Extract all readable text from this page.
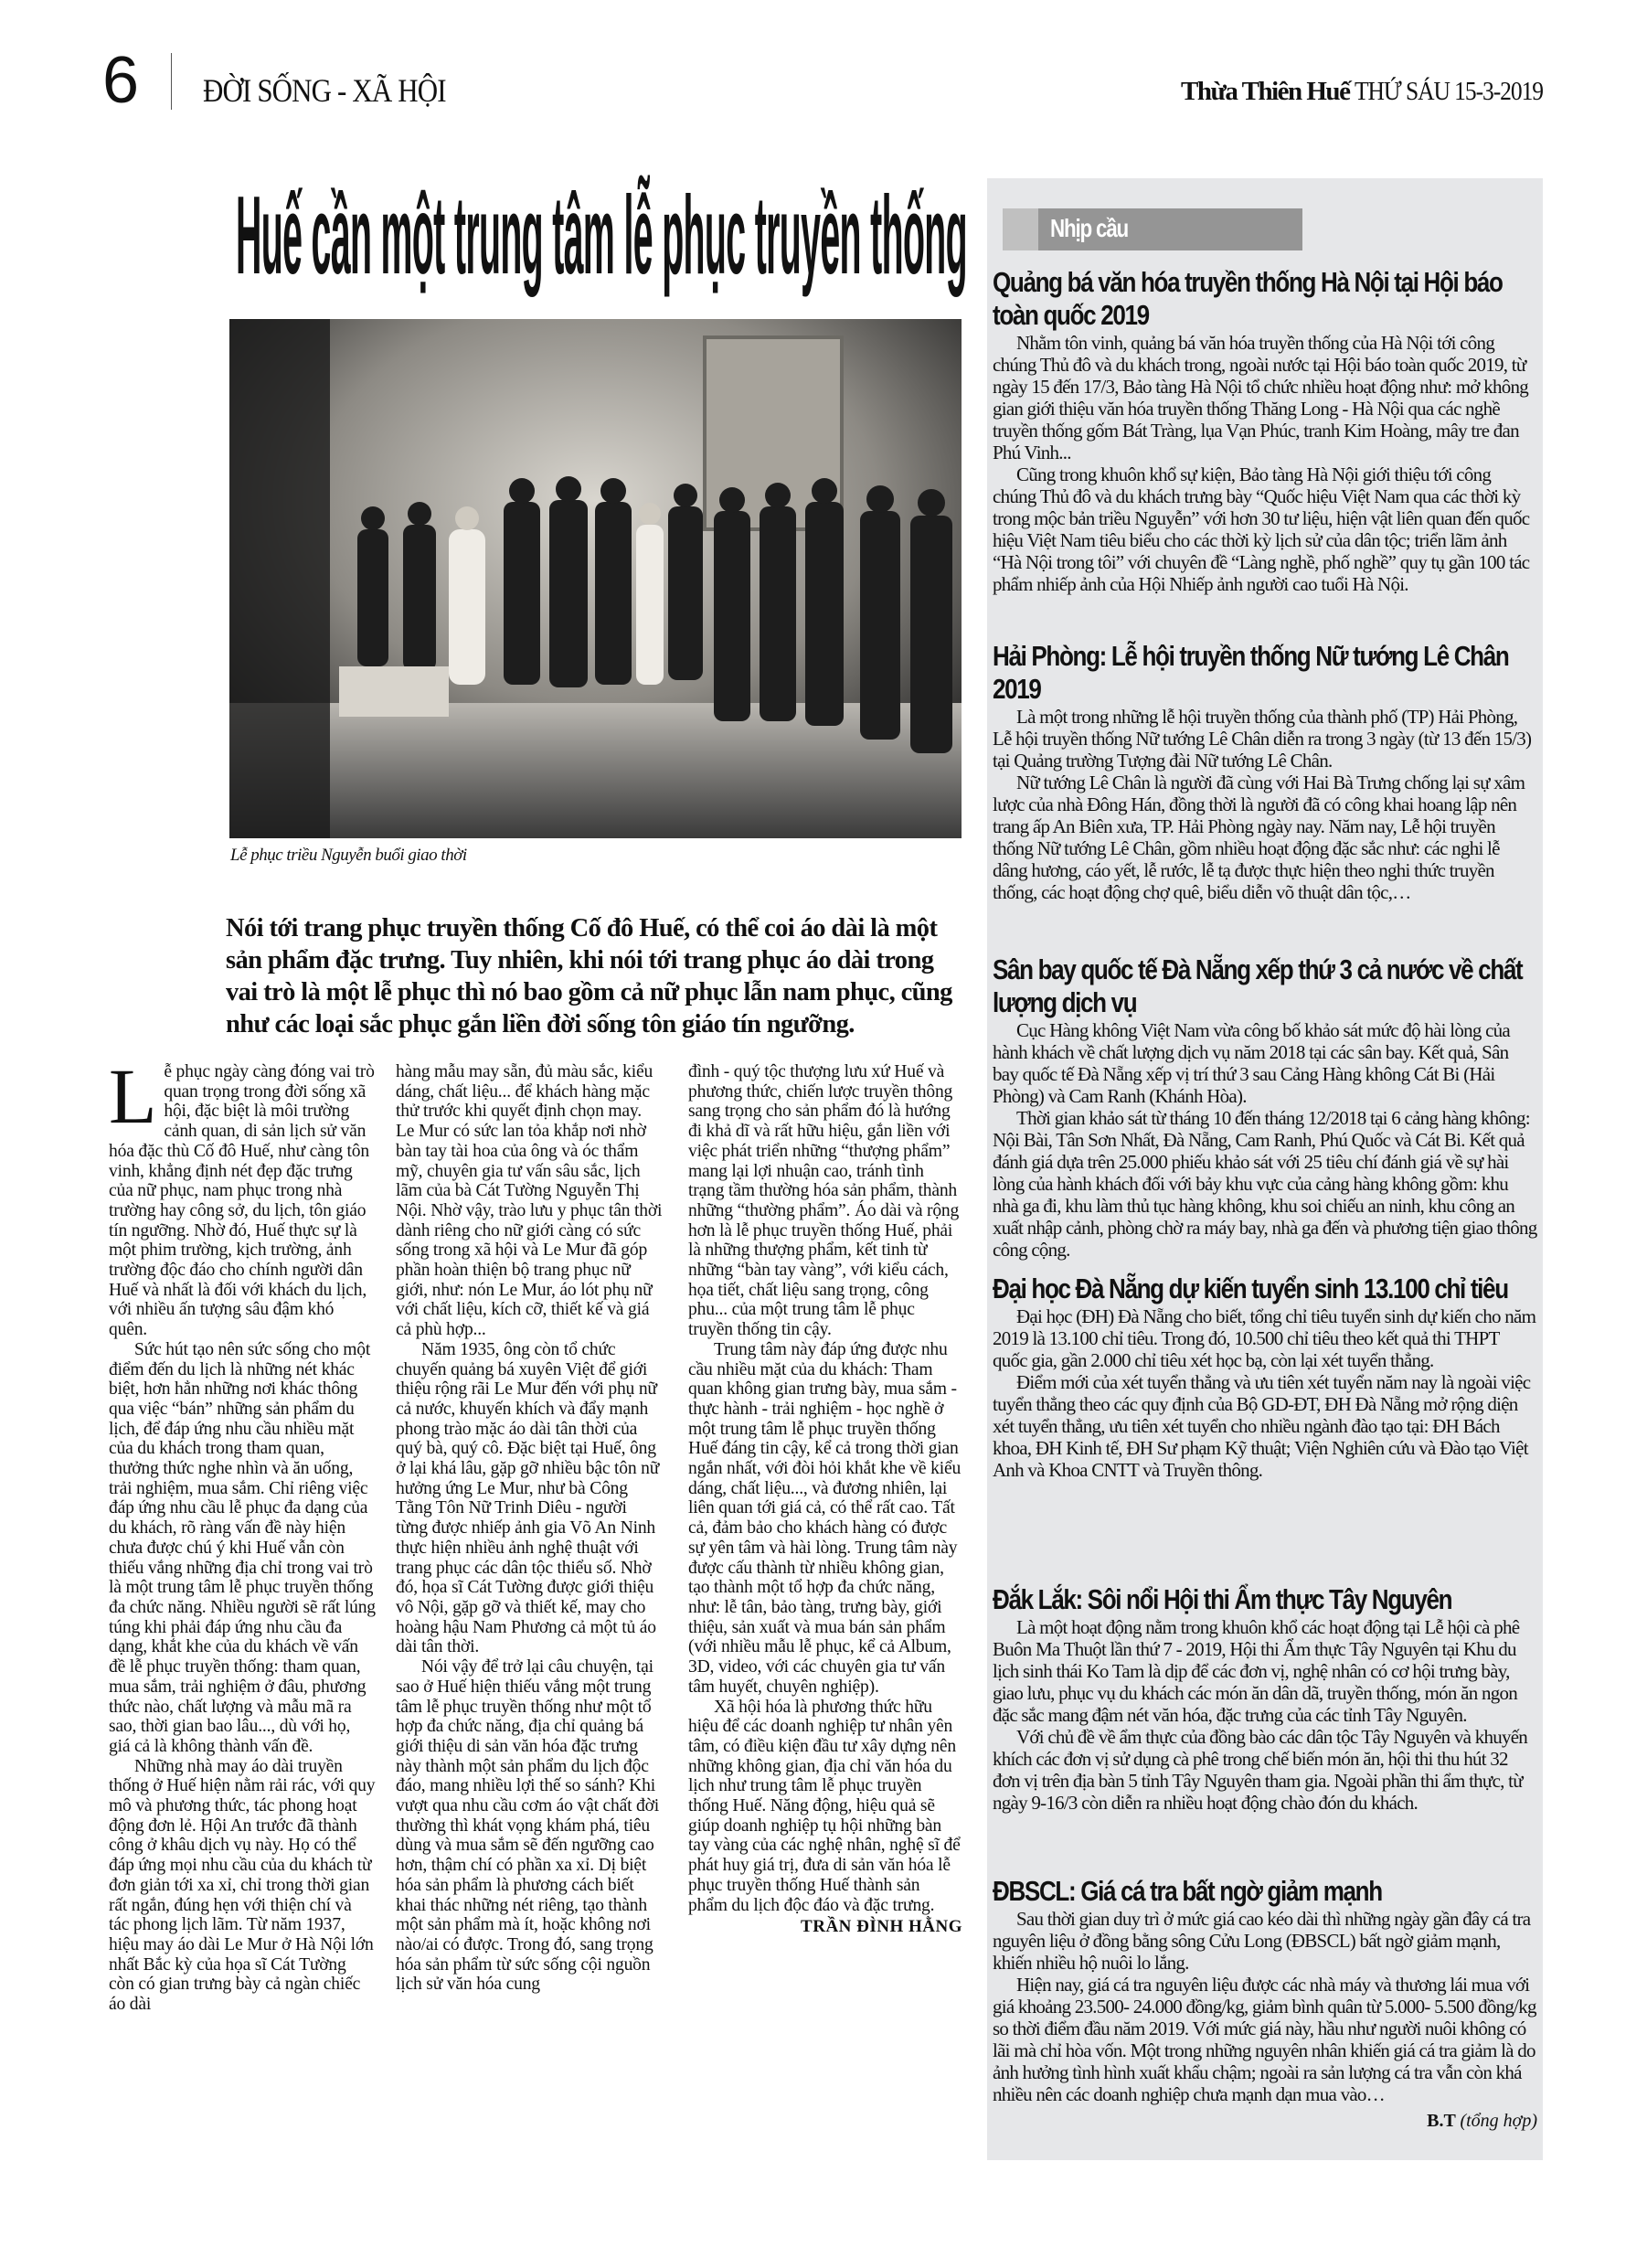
6 ĐỜI SỐNG - XÃ HỘI	Thừa Thiên Huế THỨ SÁU 15-3-2019
Huế cần một trung tâm lễ phục truyền thống
Lễ phục triều Nguyễn buổi giao thời
Nói tới trang phục truyền thống Cố đô Huế, có thể coi áo dài là một sản phẩm đặc trưng. Tuy nhiên, khi nói tới trang phục áo dài trong vai trò là một lễ phục thì nó bao gồm cả nữ phục lẫn nam phục, cũng như các loại sắc phục gắn liền đời sống tôn giáo tín ngưỡng.

Lễ phục ngày càng đóng vai trò quan trọng trong đời sống xã hội, đặc biệt là môi trường cảnh quan, di sản lịch sử văn hóa đặc thù Cố đô Huế, như càng tôn vinh, khẳng định nét đẹp đặc trưng của nữ phục, nam phục trong nhà trường hay công sở, du lịch, tôn giáo tín ngưỡng. Nhờ đó, Huế thực sự là một phim trường, kịch trường, ảnh trường độc đáo cho chính người dân Huế và nhất là đối với khách du lịch, với nhiều ấn tượng sâu đậm khó quên.

Sức hút tạo nên sức sống cho một điểm đến du lịch là những nét khác biệt, hơn hẳn những nơi khác thông qua việc “bán” những sản phẩm du lịch, để đáp ứng nhu cầu nhiều mặt của du khách trong tham quan, thưởng thức nghe nhìn và ăn uống, trải nghiệm, mua sắm. Chỉ riêng việc đáp ứng nhu cầu lễ phục đa dạng của du khách, rõ ràng vấn đề này hiện chưa được chú ý khi Huế vẫn còn thiếu vắng những địa chỉ trong vai trò là một trung tâm lễ phục truyền thống đa chức năng. Nhiều người sẽ rất lúng túng khi phải đáp ứng nhu cầu đa dạng, khắt khe của du khách về vấn đề lễ phục truyền thống: tham quan, mua sắm, trải nghiệm ở đâu, phương thức nào, chất lượng và mẫu mã ra sao, thời gian bao lâu..., dù với họ, giá cả là không thành vấn đề.

Những nhà may áo dài truyền thống ở Huế hiện nằm rải rác, với quy mô và phương thức, tác phong hoạt động đơn lẻ. Hội An trước đã thành công ở khâu dịch vụ này. Họ có thể đáp ứng mọi nhu cầu của du khách từ đơn giản tới xa xỉ, chỉ trong thời gian rất ngắn, đúng hẹn với thiện chí và tác phong lịch lãm. Từ năm 1937, hiệu may áo dài Le Mur ở Hà Nội lớn nhất Bắc kỳ của họa sĩ Cát Tường còn có gian trưng bày cả ngàn chiếc áo dài

hàng mẫu may sẵn, đủ màu sắc, kiểu dáng, chất liệu... để khách hàng mặc thử trước khi quyết định chọn may. Le Mur có sức lan tỏa khắp nơi nhờ bàn tay tài hoa của ông và óc thẩm mỹ, chuyên gia tư vấn sâu sắc, lịch lãm của bà Cát Tường Nguyễn Thị Nội. Nhờ vậy, trào lưu y phục tân thời dành riêng cho nữ giới càng có sức sống trong xã hội và Le Mur đã góp phần hoàn thiện bộ trang phục nữ giới, như: nón Le Mur, áo lót phụ nữ với chất liệu, kích cỡ, thiết kế và giá cả phù hợp...

Năm 1935, ông còn tổ chức chuyến quảng bá xuyên Việt để giới thiệu rộng rãi Le Mur đến với phụ nữ cả nước, khuyến khích và đẩy mạnh phong trào mặc áo dài tân thời của quý bà, quý cô. Đặc biệt tại Huế, ông ở lại khá lâu, gặp gỡ nhiều bậc tôn nữ hưởng ứng Le Mur, như bà Công Tằng Tôn Nữ Trinh Diêu - người từng được nhiếp ảnh gia Võ An Ninh thực hiện nhiều ảnh nghệ thuật với trang phục các dân tộc thiểu số. Nhờ đó, họa sĩ Cát Tường được giới thiệu vô Nội, gặp gỡ và thiết kế, may cho hoàng hậu Nam Phương cả một tủ áo dài tân thời.

Nói vậy để trở lại câu chuyện, tại sao ở Huế hiện thiếu vắng một trung tâm lễ phục truyền thống như một tổ hợp đa chức năng, địa chỉ quảng bá giới thiệu di sản văn hóa đặc trưng này thành một sản phẩm du lịch độc đáo, mang nhiều lợi thế so sánh? Khi vượt qua nhu cầu cơm áo vật chất đời thường thì khát vọng khám phá, tiêu dùng và mua sắm sẽ đến ngưỡng cao hơn, thậm chí có phần xa xỉ. Dị biệt hóa sản phẩm là phương cách biết khai thác những nét riêng, tạo thành một sản phẩm mà ít, hoặc không nơi nào/ai có được. Trong đó, sang trọng hóa sản phẩm từ sức sống cội nguồn lịch sử văn hóa cung

đình - quý tộc thượng lưu xứ Huế và phương thức, chiến lược truyền thông sang trọng cho sản phẩm đó là hướng đi khả dĩ và rất hữu hiệu, gắn liền với việc phát triển những “thượng phẩm” mang lại lợi nhuận cao, tránh tình trạng tầm thường hóa sản phẩm, thành những “thường phẩm”. Áo dài và rộng hơn là lễ phục truyền thống Huế, phải là những thượng phẩm, kết tinh từ những “bàn tay vàng”, với kiểu cách, họa tiết, chất liệu sang trọng, công phu... của một trung tâm lễ phục truyền thống tin cậy.

Trung tâm này đáp ứng được nhu cầu nhiều mặt của du khách: Tham quan không gian trưng bày, mua sắm - thực hành - trải nghiệm - học nghề ở một trung tâm lễ phục truyền thống Huế đáng tin cậy, kể cả trong thời gian ngắn nhất, với đòi hỏi khắt khe về kiểu dáng, chất liệu..., và đương nhiên, lại liên quan tới giá cả, có thể rất cao. Tất cả, đảm bảo cho khách hàng có được sự yên tâm và hài lòng. Trung tâm này được cấu thành từ nhiều không gian, tạo thành một tổ hợp đa chức năng, như: lễ tân, bảo tàng, trưng bày, giới thiệu, sản xuất và mua bán sản phẩm (với nhiều mẫu lễ phục, kể cả Album, 3D, video, với các chuyên gia tư vấn tâm huyết, chuyên nghiệp).

Xã hội hóa là phương thức hữu hiệu để các doanh nghiệp tư nhân yên tâm, có điều kiện đầu tư xây dựng nên những không gian, địa chỉ văn hóa du lịch như trung tâm lễ phục truyền thống Huế. Năng động, hiệu quả sẽ giúp doanh nghiệp tụ hội những bàn tay vàng của các nghệ nhân, nghệ sĩ để phát huy giá trị, đưa di sản văn hóa lễ phục truyền thống Huế thành sản phẩm du lịch độc đáo và đặc trưng.

TRẦN ĐÌNH HẰNG
Nhịp cầu
Quảng bá văn hóa truyền thống Hà Nội tại Hội báo toàn quốc 2019

Nhằm tôn vinh, quảng bá văn hóa truyền thống của Hà Nội tới công chúng Thủ đô và du khách trong, ngoài nước tại Hội báo toàn quốc 2019, từ ngày 15 đến 17/3, Bảo tàng Hà Nội tổ chức nhiều hoạt động như: mở không gian giới thiệu văn hóa truyền thống Thăng Long - Hà Nội qua các nghề truyền thống gốm Bát Tràng, lụa Vạn Phúc, tranh Kim Hoàng, mây tre đan Phú Vinh...

Cũng trong khuôn khổ sự kiện, Bảo tàng Hà Nội giới thiệu tới công chúng Thủ đô và du khách trưng bày “Quốc hiệu Việt Nam qua các thời kỳ trong mộc bản triều Nguyễn” với hơn 30 tư liệu, hiện vật liên quan đến quốc hiệu Việt Nam tiêu biểu cho các thời kỳ lịch sử của dân tộc; triển lãm ảnh “Hà Nội trong tôi” với chuyên đề “Làng nghề, phố nghề” quy tụ gần 100 tác phẩm nhiếp ảnh của Hội Nhiếp ảnh người cao tuổi Hà Nội.

Hải Phòng: Lễ hội truyền thống Nữ tướng Lê Chân 2019

Là một trong những lễ hội truyền thống của thành phố (TP) Hải Phòng, Lễ hội truyền thống Nữ tướng Lê Chân diễn ra trong 3 ngày (từ 13 đến 15/3) tại Quảng trường Tượng đài Nữ tướng Lê Chân.

Nữ tướng Lê Chân là người đã cùng với Hai Bà Trưng chống lại sự xâm lược của nhà Đông Hán, đồng thời là người đã có công khai hoang lập nên trang ấp An Biên xưa, TP. Hải Phòng ngày nay. Năm nay, Lễ hội truyền thống Nữ tướng Lê Chân, gồm nhiều hoạt động đặc sắc như: các nghi lễ dâng hương, cáo yết, lễ rước, lễ tạ được thực hiện theo nghi thức truyền thống, các hoạt động chợ quê, biểu diễn võ thuật dân tộc,…

Sân bay quốc tế Đà Nẵng xếp thứ 3 cả nước về chất lượng dịch vụ

Cục Hàng không Việt Nam vừa công bố khảo sát mức độ hài lòng của hành khách về chất lượng dịch vụ năm 2018 tại các sân bay. Kết quả, Sân bay quốc tế Đà Nẵng xếp vị trí thứ 3 sau Cảng Hàng không Cát Bi (Hải Phòng) và Cam Ranh (Khánh Hòa).

Thời gian khảo sát từ tháng 10 đến tháng 12/2018 tại 6 cảng hàng không: Nội Bài, Tân Sơn Nhất, Đà Nẵng, Cam Ranh, Phú Quốc và Cát Bi. Kết quả đánh giá dựa trên 25.000 phiếu khảo sát với 25 tiêu chí đánh giá về sự hài lòng của hành khách đối với bảy khu vực của cảng hàng không gồm: khu nhà ga đi, khu làm thủ tục hàng không, khu soi chiếu an ninh, khu công an xuất nhập cảnh, phòng chờ ra máy bay, nhà ga đến và phương tiện giao thông công cộng.

Đại học Đà Nẵng dự kiến tuyển sinh 13.100 chỉ tiêu

Đại học (ĐH) Đà Nẵng cho biết, tổng chỉ tiêu tuyển sinh dự kiến cho năm 2019 là 13.100 chỉ tiêu. Trong đó, 10.500 chỉ tiêu theo kết quả thi THPT quốc gia, gần 2.000 chỉ tiêu xét học bạ, còn lại xét tuyển thẳng.

Điểm mới của xét tuyển thẳng và ưu tiên xét tuyển năm nay là ngoài việc tuyển thẳng theo các quy định của Bộ GD-ĐT, ĐH Đà Nẵng mở rộng diện xét tuyển thẳng, ưu tiên xét tuyển cho nhiều ngành đào tạo tại: ĐH Bách khoa, ĐH Kinh tế, ĐH Sư phạm Kỹ thuật; Viện Nghiên cứu và Đào tạo Việt Anh và Khoa CNTT và Truyền thông.

Đắk Lắk: Sôi nổi Hội thi Ẩm thực Tây Nguyên

Là một hoạt động nằm trong khuôn khổ các hoạt động tại Lễ hội cà phê Buôn Ma Thuột lần thứ 7 - 2019, Hội thi Ẩm thực Tây Nguyên tại Khu du lịch sinh thái Ko Tam là dịp để các đơn vị, nghệ nhân có cơ hội trưng bày, giao lưu, phục vụ du khách các món ăn dân dã, truyền thống, món ăn ngon đặc sắc mang đậm nét văn hóa, đặc trưng của các tỉnh Tây Nguyên.

Với chủ đề về ẩm thực của đồng bào các dân tộc Tây Nguyên và khuyến khích các đơn vị sử dụng cà phê trong chế biến món ăn, hội thi thu hút 32 đơn vị trên địa bàn 5 tỉnh Tây Nguyên tham gia. Ngoài phần thi ẩm thực, từ ngày 9-16/3 còn diễn ra nhiều hoạt động chào đón du khách.

ĐBSCL: Giá cá tra bất ngờ giảm mạnh

Sau thời gian duy trì ở mức giá cao kéo dài thì những ngày gần đây cá tra nguyên liệu ở đồng bằng sông Cửu Long (ĐBSCL) bất ngờ giảm mạnh, khiến nhiều hộ nuôi lo lắng.

Hiện nay, giá cá tra nguyên liệu được các nhà máy và thương lái mua với giá khoảng 23.500- 24.000 đồng/kg, giảm bình quân từ 5.000- 5.500 đồng/kg so thời điểm đầu năm 2019. Với mức giá này, hầu như người nuôi không có lãi mà chỉ hòa vốn. Một trong những nguyên nhân khiến giá cá tra giảm là do ảnh hưởng tình hình xuất khẩu chậm; ngoài ra sản lượng cá tra vẫn còn khá nhiều nên các doanh nghiệp chưa mạnh dạn mua vào…

B.T (tổng hợp)
